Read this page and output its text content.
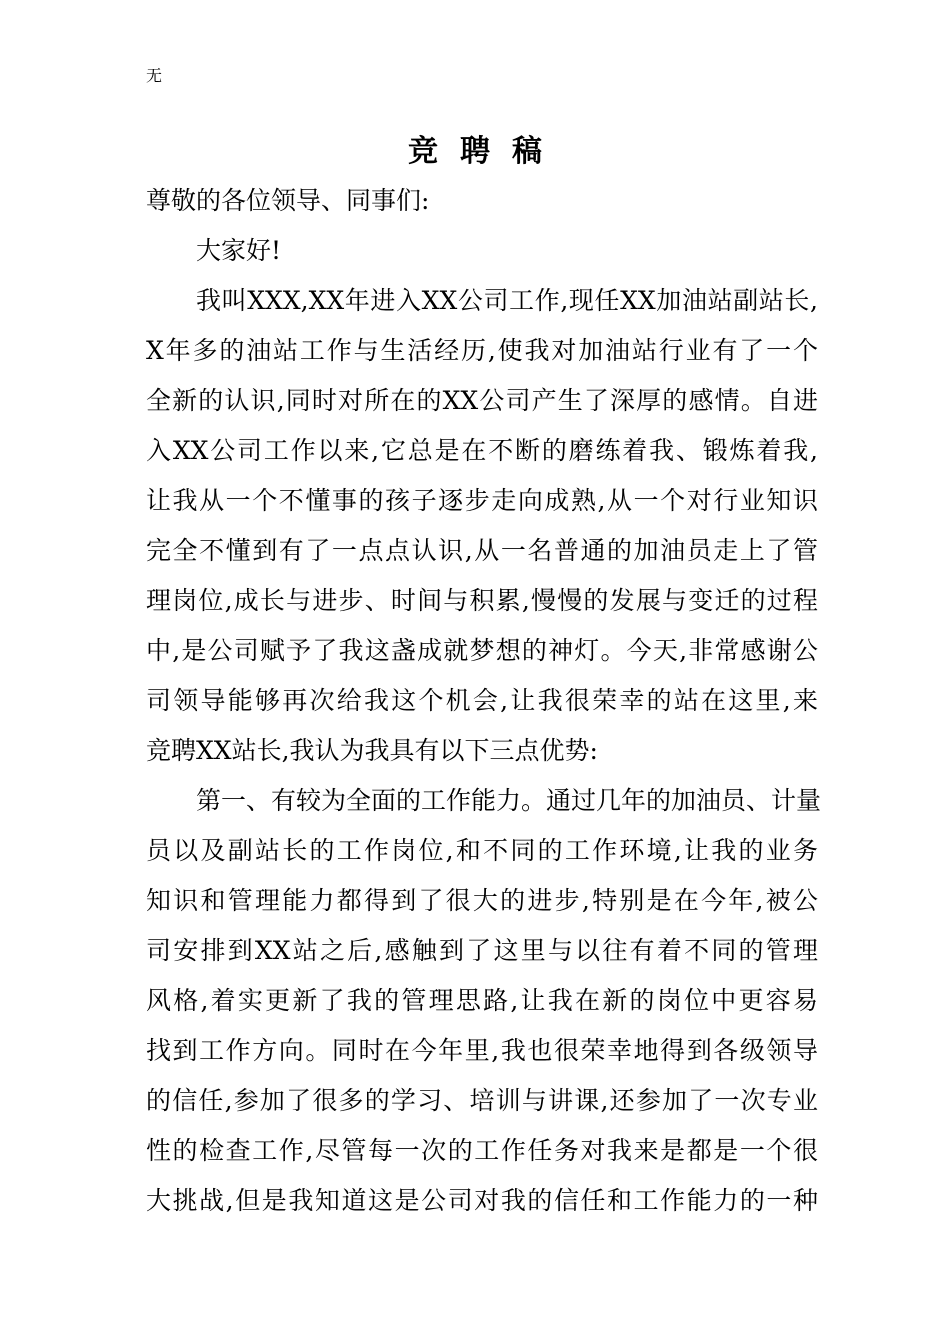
无
竞聘稿
尊敬的各位领导、同事们:
大家好!
我叫XXX,XX年进入XX公司工作,现任XX加油站副站长,
X年多的油站工作与生活经历,使我对加油站行业有了一个
全新的认识,同时对所在的XX公司产生了深厚的感情。自进
入XX公司工作以来,它总是在不断的磨练着我、锻炼着我,
让我从一个不懂事的孩子逐步走向成熟,从一个对行业知识
完全不懂到有了一点点认识,从一名普通的加油员走上了管
理岗位,成长与进步、时间与积累,慢慢的发展与变迁的过程
中,是公司赋予了我这盏成就梦想的神灯。今天,非常感谢公
司领导能够再次给我这个机会,让我很荣幸的站在这里,来
竞聘XX站长,我认为我具有以下三点优势:
第一、有较为全面的工作能力。通过几年的加油员、计量
员以及副站长的工作岗位,和不同的工作环境,让我的业务
知识和管理能力都得到了很大的进步,特别是在今年,被公
司安排到XX站之后,感触到了这里与以往有着不同的管理
风格,着实更新了我的管理思路,让我在新的岗位中更容易
找到工作方向。同时在今年里,我也很荣幸地得到各级领导
的信任,参加了很多的学习、培训与讲课,还参加了一次专业
性的检查工作,尽管每一次的工作任务对我来是都是一个很
大挑战,但是我知道这是公司对我的信任和工作能力的一种
